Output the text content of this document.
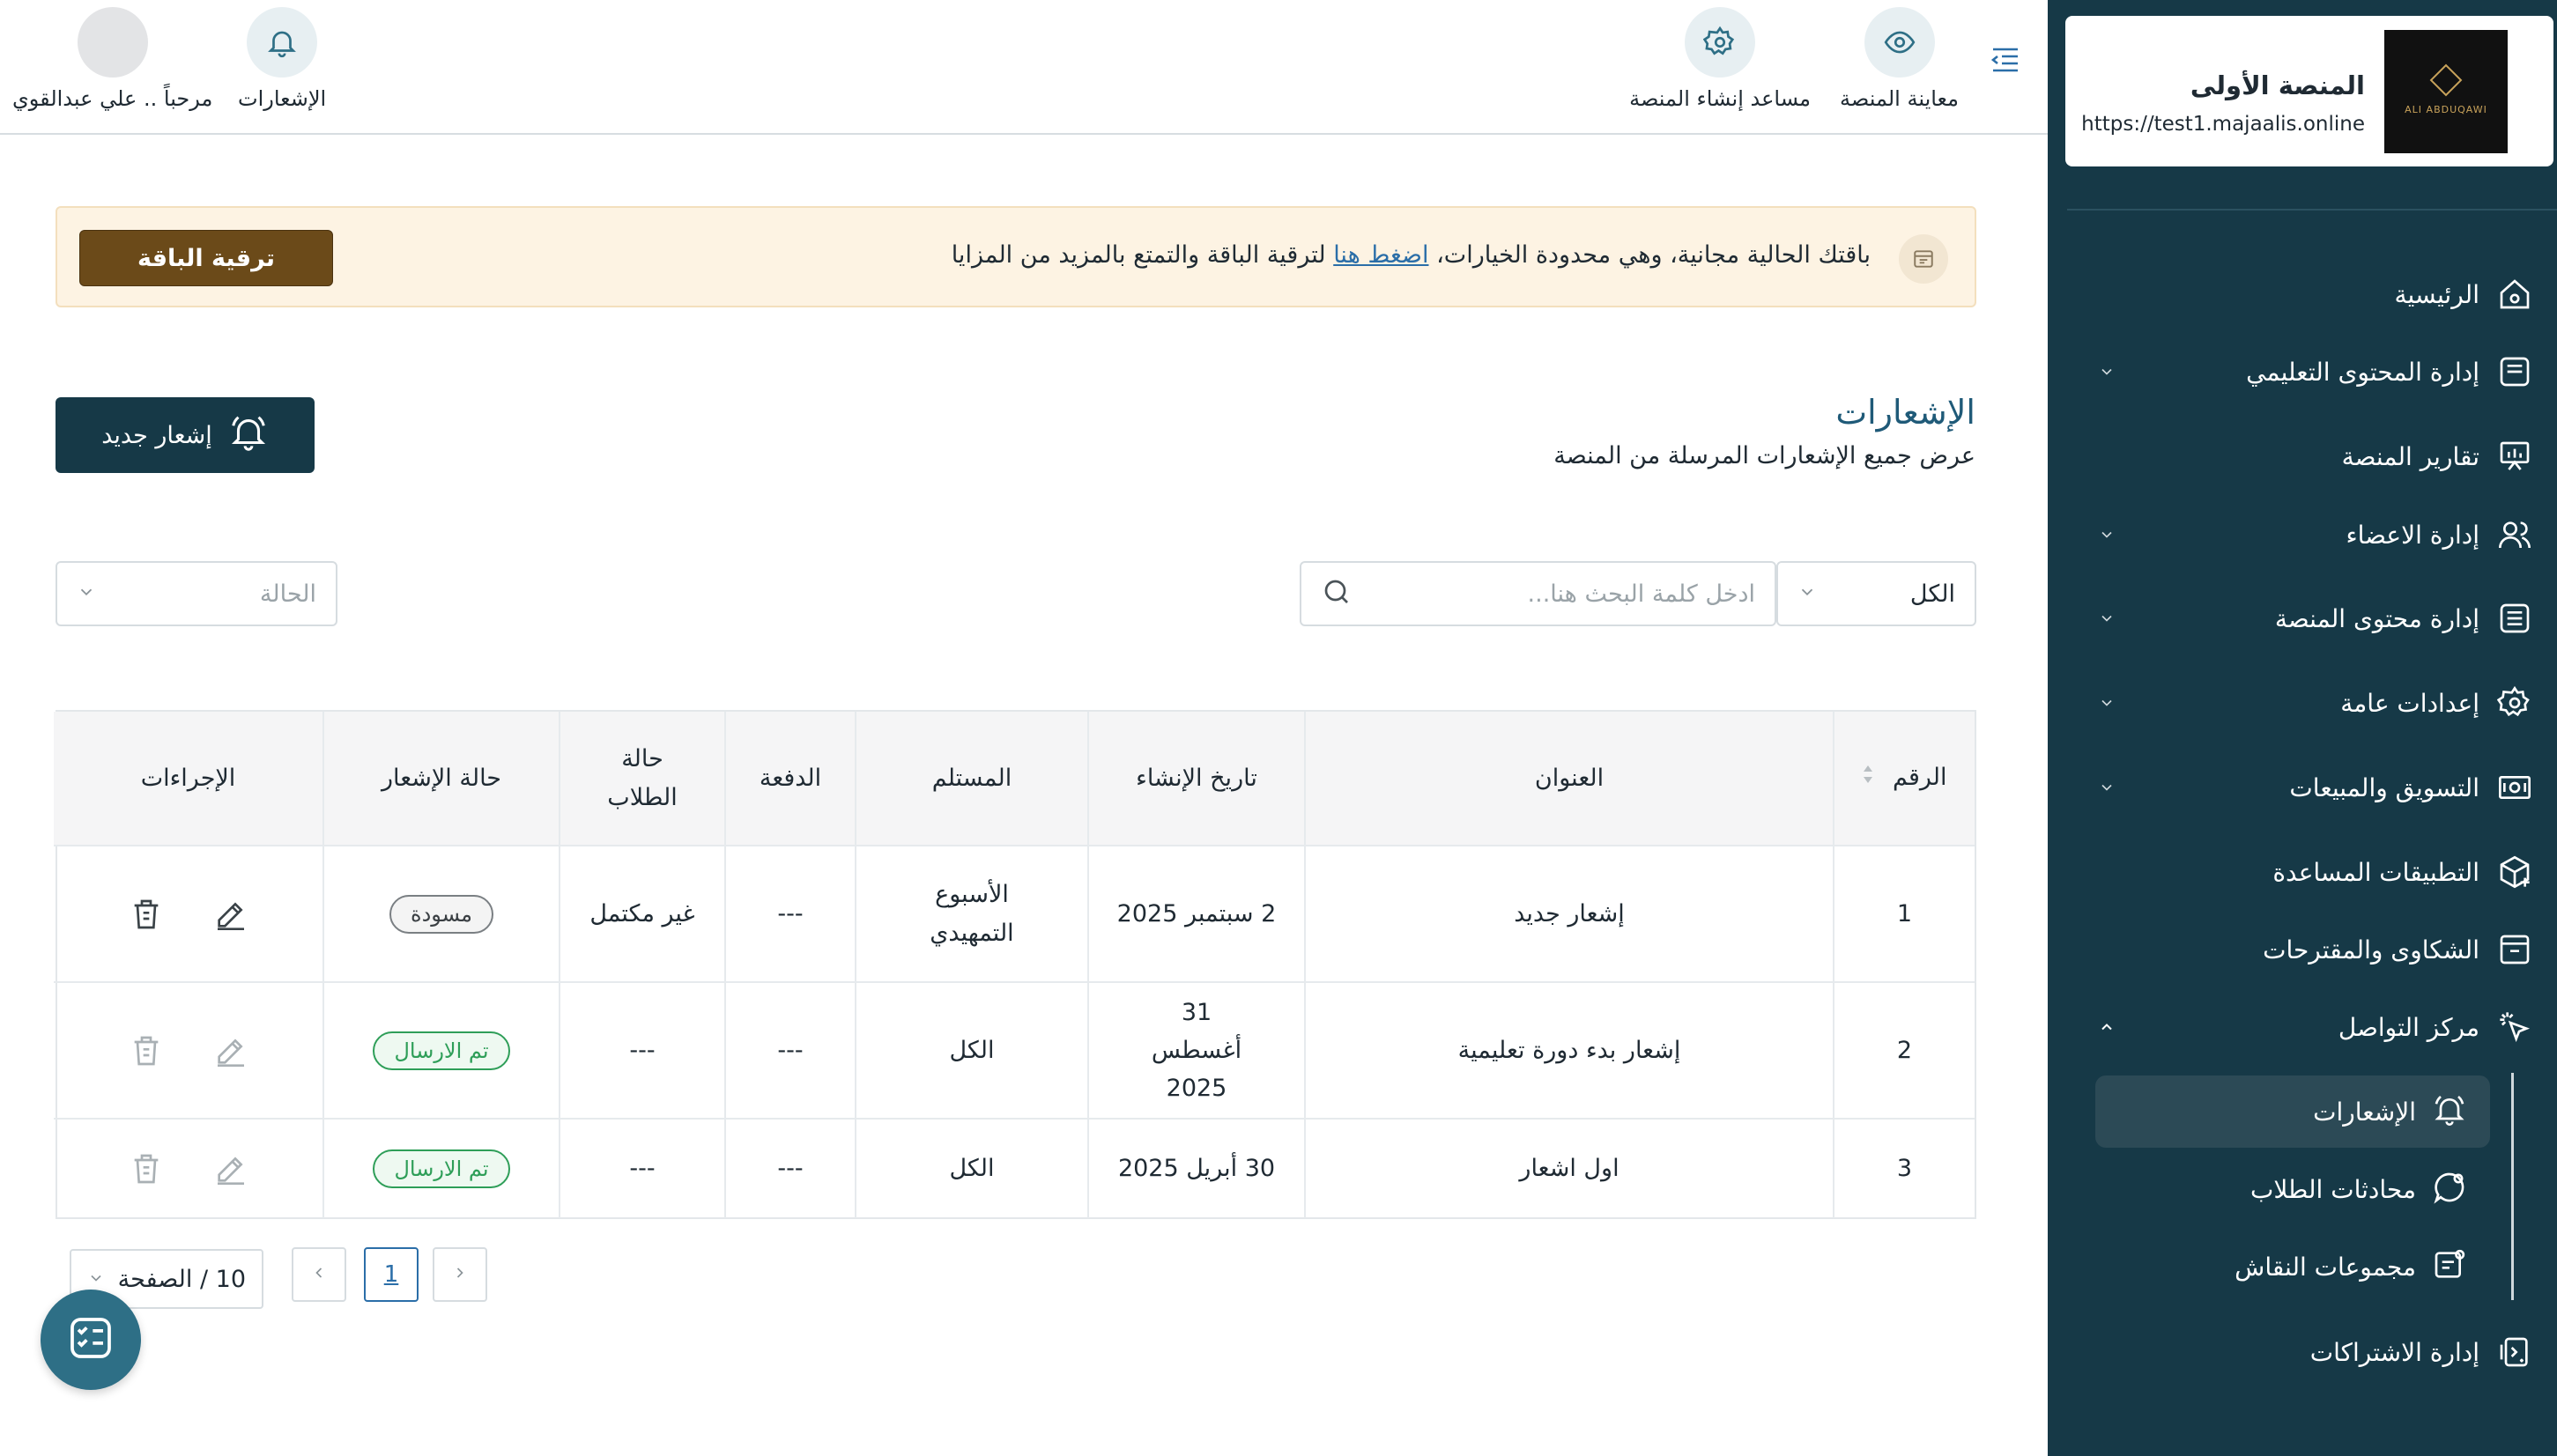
ALI ABDUQAWI
المنصة الأولى
https://test1.majaalis.online
الرئيسية
إدارة المحتوى التعليمي
تقارير المنصة
إدارة الاعضاء
إدارة محتوى المنصة
إعدادات عامة
التسويق والمبيعات
التطبيقات المساعدة
الشكاوى والمقترحات
مركز التواصل
الإشعارات
محادثات الطلاب
مجموعات النقاش
إدارة الاشتراكات
معاينة المنصة
مساعد إنشاء المنصة
الإشعارات
مرحباً .. علي عبدالقوي
باقتك الحالية مجانية، وهي محدودة الخيارات، اضغط هنا لترقية الباقة والتمتع بالمزيد من المزايا
ترقية الباقة
الإشعارات
عرض جميع الإشعارات المرسلة من المنصة
إشعار جديد
الكل
ادخل كلمة البحث هنا...
الحالة
الرقم	العنوان	تاريخ الإنشاء	المستلم	الدفعة	حالة الطلاب	حالة الإشعار	الإجراءات
1	إشعار جديد	2 سبتمبر 2025	الأسبوع التمهيدي	---	غير مكتمل	مسودة	

2	إشعار بدء دورة تعليمية	31 أغسطس 2025	الكل	---	---	تم الارسال	

3	اول اشعار	30 أبريل 2025	الكل	---	---	تم الارسال	
1
10 / الصفحة
